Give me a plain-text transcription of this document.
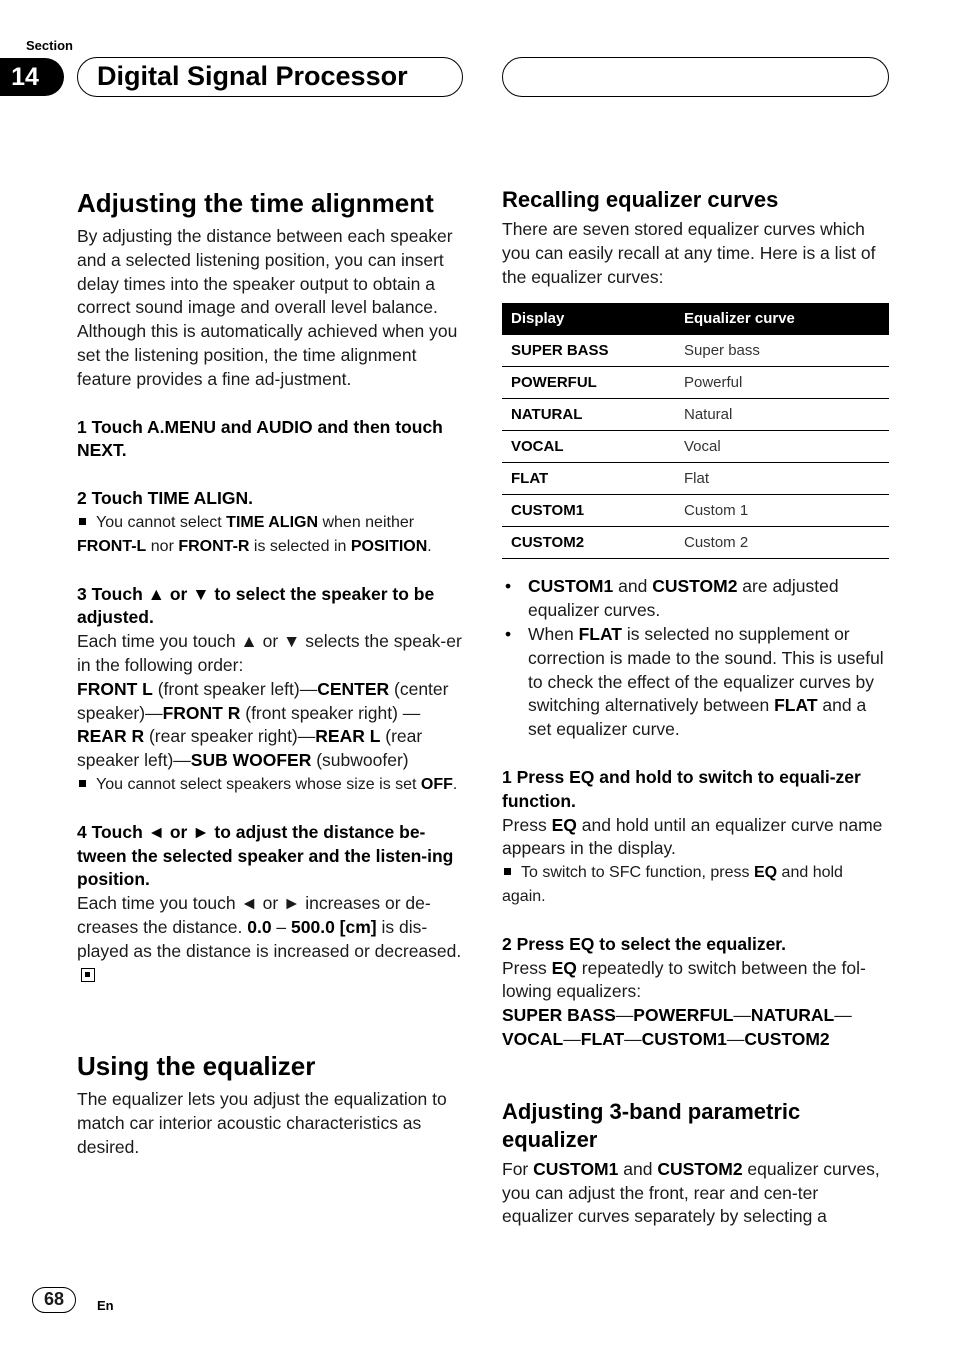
Section
14	Digital Signal Processor
Adjusting the time alignment

By adjusting the distance between each speaker and a selected listening position, you can insert delay times into the speaker output to obtain a correct sound image and overall level balance. Although this is automatically achieved when you set the listening position, the time alignment feature provides a fine ad-justment.

1 Touch A.MENU and AUDIO and then touch NEXT.

2 Touch TIME ALIGN.

You cannot select TIME ALIGN when neither FRONT-L nor FRONT-R is selected in POSITION.

3 Touch ▲ or ▼ to select the speaker to be adjusted.

Each time you touch ▲ or ▼ selects the speak-er in the following order:

FRONT L (front speaker left)—CENTER (center speaker)—FRONT R (front speaker right) —REAR R (rear speaker right)—REAR L (rear speaker left)—SUB WOOFER (subwoofer)

You cannot select speakers whose size is set OFF.

4 Touch ◄ or ► to adjust the distance be-tween the selected speaker and the listen-ing position.

Each time you touch ◄ or ► increases or de-creases the distance. 0.0 – 500.0 [cm] is dis-played as the distance is increased or decreased.

Using the equalizer

The equalizer lets you adjust the equalization to match car interior acoustic characteristics as desired.

Recalling equalizer curves

There are seven stored equalizer curves which you can easily recall at any time. Here is a list of the equalizer curves:

Display	Equalizer curve
SUPER BASS	Super bass
POWERFUL	Powerful
NATURAL	Natural
VOCAL	Vocal
FLAT	Flat
CUSTOM1	Custom 1
CUSTOM2	Custom 2
• CUSTOM1 and CUSTOM2 are adjusted equalizer curves.
• When FLAT is selected no supplement or correction is made to the sound. This is useful to check the effect of the equalizer curves by switching alternatively between FLAT and a set equalizer curve.

1 Press EQ and hold to switch to equali-zer function.

Press EQ and hold until an equalizer curve name appears in the display.

To switch to SFC function, press EQ and hold again.

2 Press EQ to select the equalizer.

Press EQ repeatedly to switch between the fol-lowing equalizers:

SUPER BASS—POWERFUL—NATURAL— VOCAL—FLAT—CUSTOM1—CUSTOM2

Adjusting 3-band parametric equalizer

For CUSTOM1 and CUSTOM2 equalizer curves, you can adjust the front, rear and cen-ter equalizer curves separately by selecting a

68	En
